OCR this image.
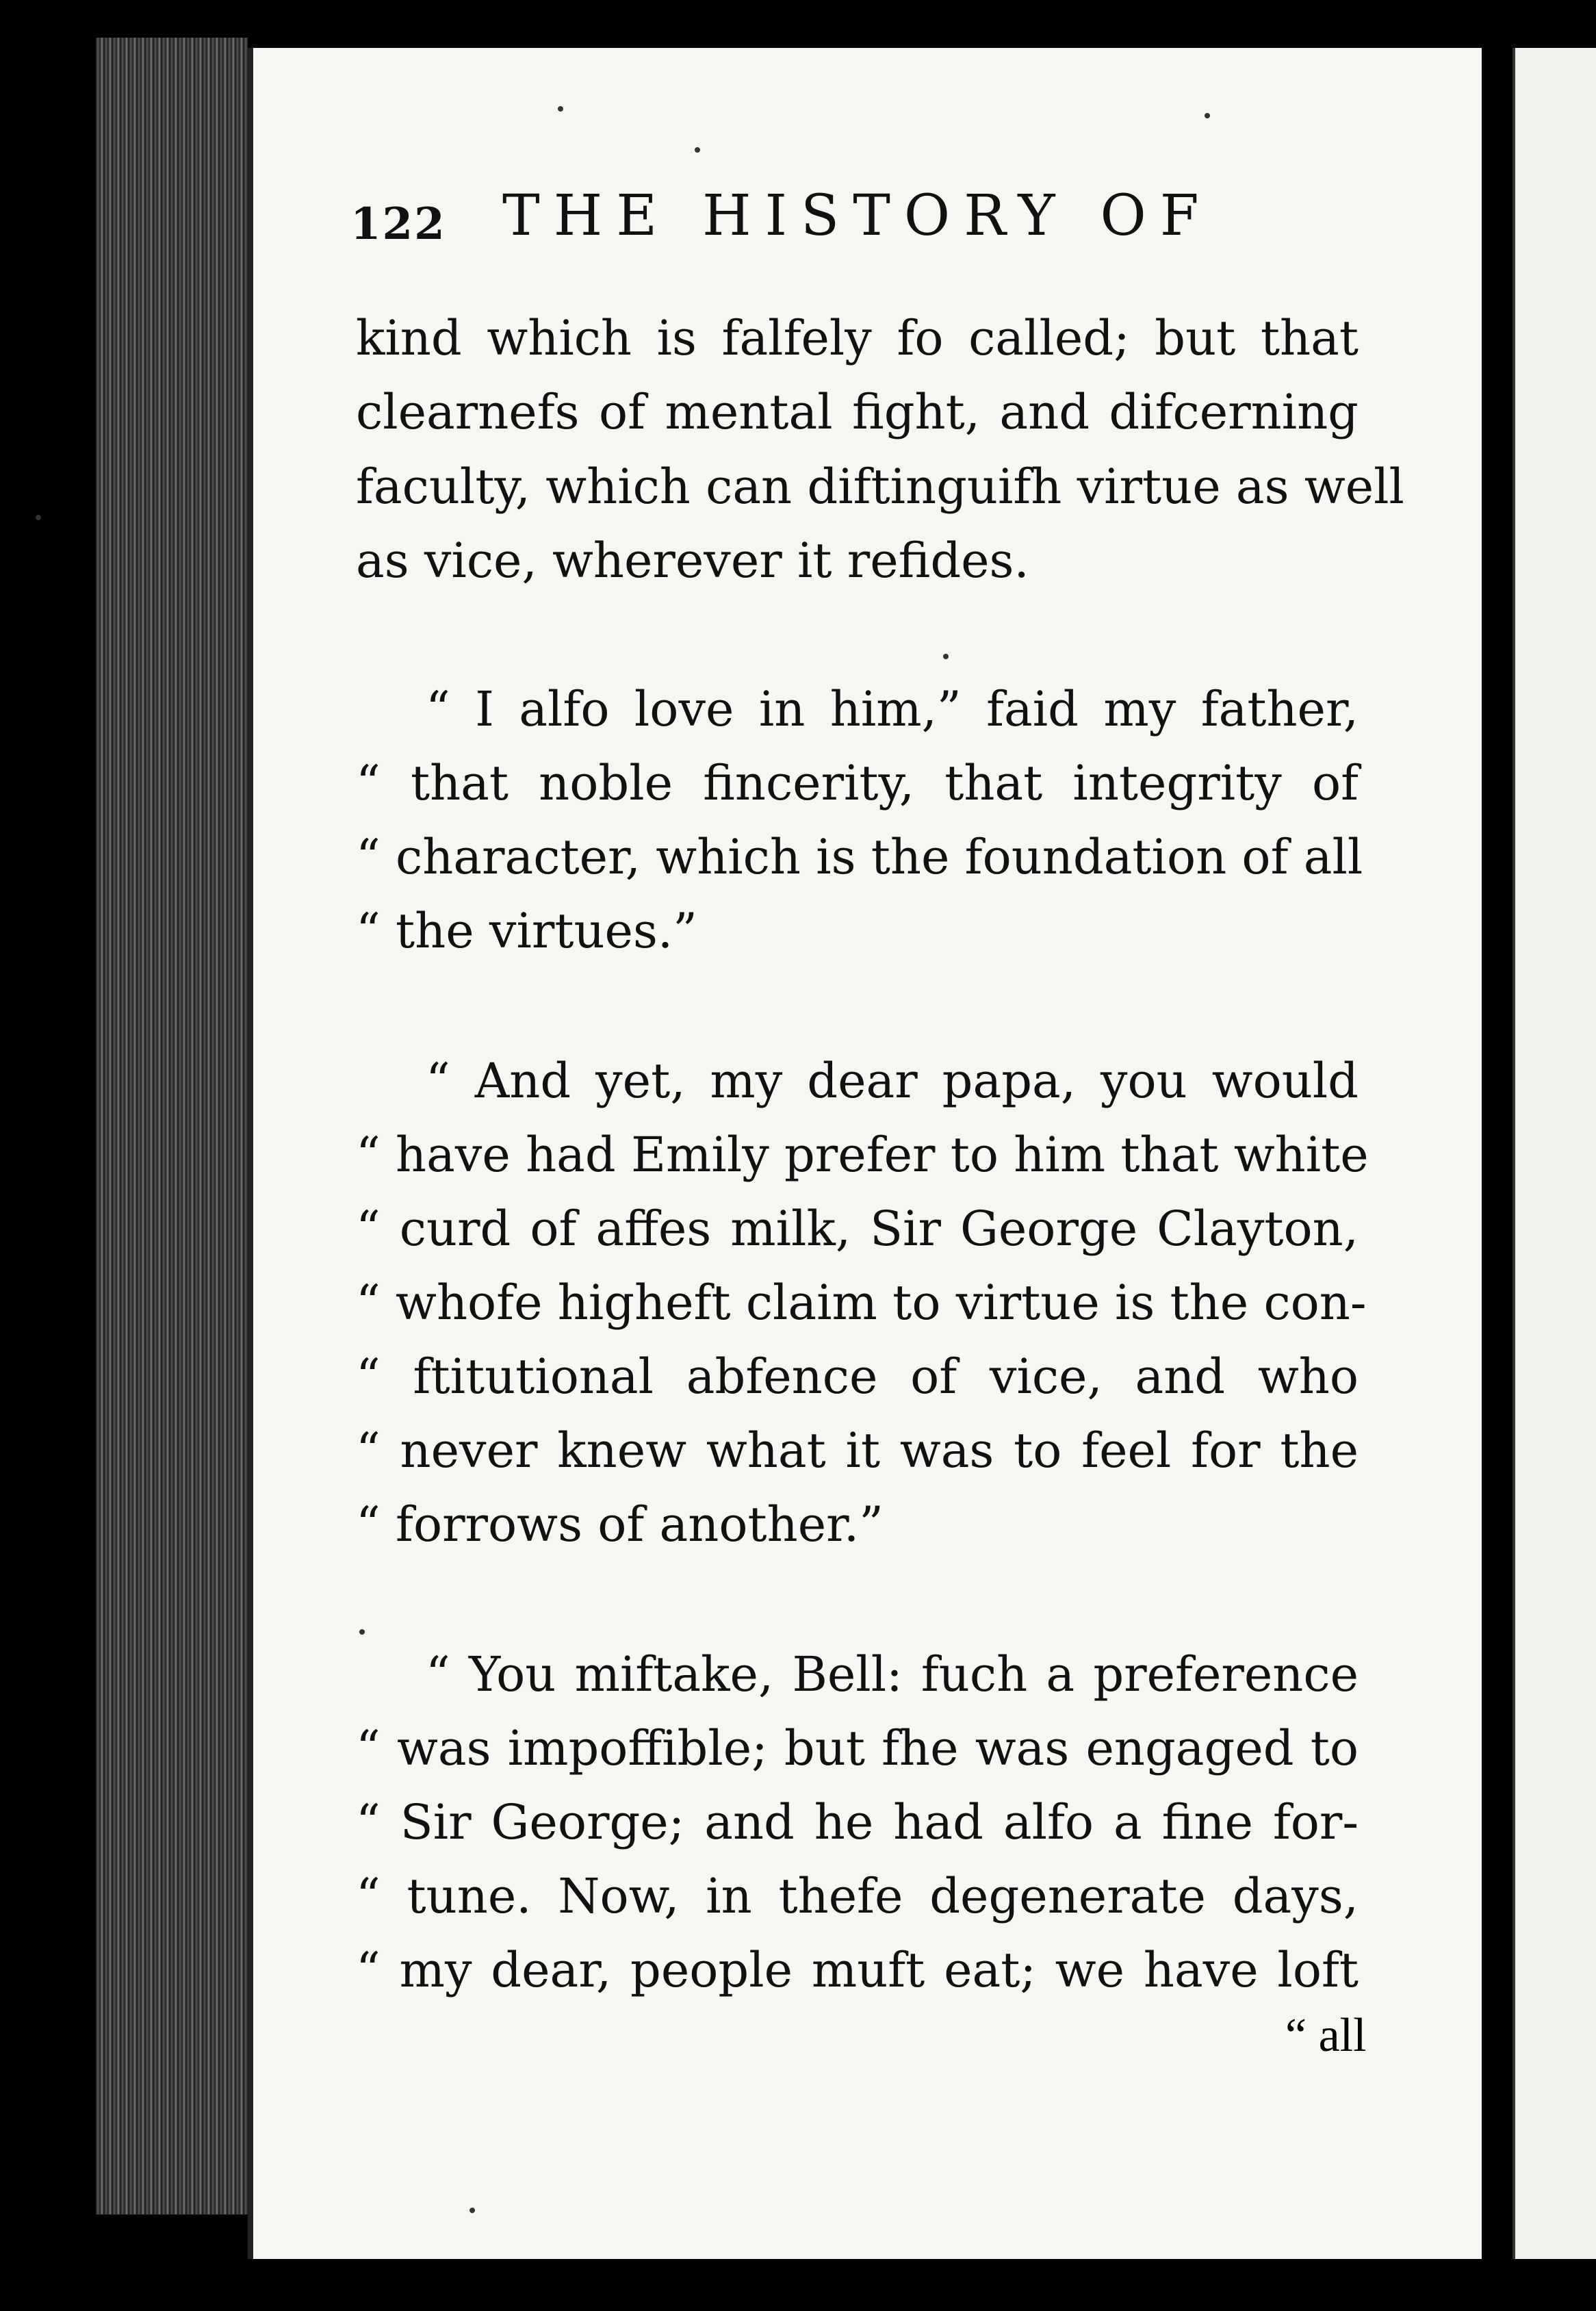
122 THE HISTORY OF
kind which is falfely fo called; but that
clearnefs of mental fight, and difcerning
faculty, which can diftinguifh virtue as well
as vice, wherever it refides.
“ I alfo love in him,” faid my father,
“ that noble fincerity, that integrity of
“ character, which is the foundation of all
“ the virtues.”
“ And yet, my dear papa, you would
“ have had Emily prefer to him that white
“ curd of affes milk, Sir George Clayton,
“ whofe higheft claim to virtue is the con-
“ ftitutional abfence of vice, and who
“ never knew what it was to feel for the
“ forrows of another.”
“ You miftake, Bell: fuch a preference
“ was impoffible; but fhe was engaged to
“ Sir George; and he had alfo a fine for-
“ tune. Now, in thefe degenerate days,
“ my dear, people muft eat; we have loft
“ all
